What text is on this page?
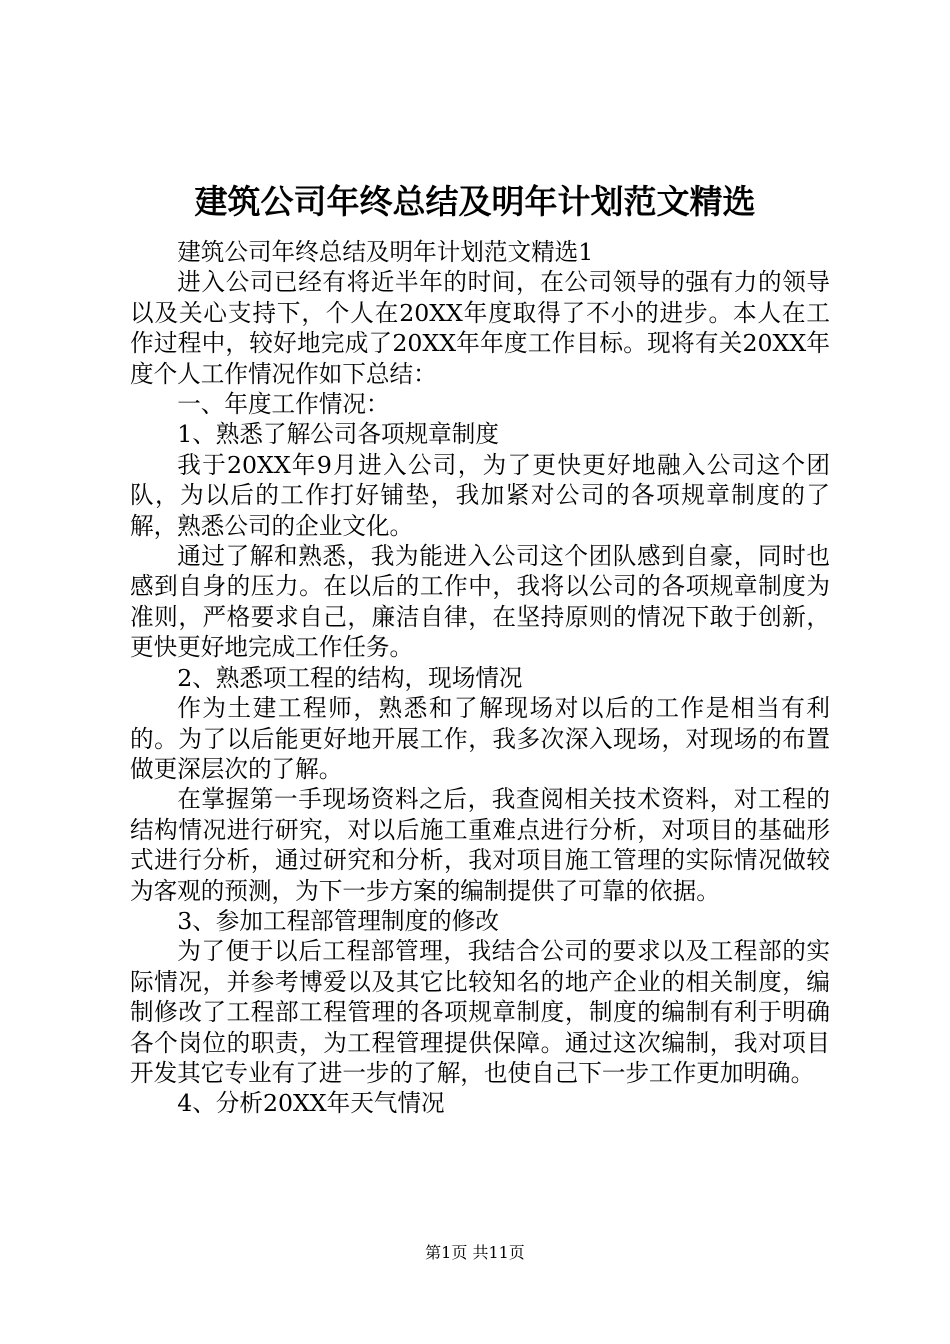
建筑公司年终总结及明年计划范文精选

建筑公司年终总结及明年计划范文精选1

进入公司已经有将近半年的时间，在公司领导的强有力的领导以及关心支持下，个人在20XX年度取得了不小的进步。本人在工作过程中，较好地完成了20XX年年度工作目标。现将有关20XX年度个人工作情况作如下总结：

一、年度工作情况：

1、熟悉了解公司各项规章制度

我于20XX年9月进入公司，为了更快更好地融入公司这个团队，为以后的工作打好铺垫，我加紧对公司的各项规章制度的了解，熟悉公司的企业文化。

通过了解和熟悉，我为能进入公司这个团队感到自豪，同时也感到自身的压力。在以后的工作中，我将以公司的各项规章制度为准则，严格要求自己，廉洁自律，在坚持原则的情况下敢于创新，更快更好地完成工作任务。

2、熟悉项工程的结构，现场情况

作为土建工程师，熟悉和了解现场对以后的工作是相当有利的。为了以后能更好地开展工作，我多次深入现场，对现场的布置做更深层次的了解。

在掌握第一手现场资料之后，我查阅相关技术资料，对工程的结构情况进行研究，对以后施工重难点进行分析，对项目的基础形式进行分析，通过研究和分析，我对项目施工管理的实际情况做较为客观的预测，为下一步方案的编制提供了可靠的依据。

3、参加工程部管理制度的修改

为了便于以后工程部管理，我结合公司的要求以及工程部的实际情况，并参考博爱以及其它比较知名的地产企业的相关制度，编制修改了工程部工程管理的各项规章制度，制度的编制有利于明确各个岗位的职责，为工程管理提供保障。通过这次编制，我对项目开发其它专业有了进一步的了解，也使自己下一步工作更加明确。

4、分析20XX年天气情况

第1页 共11页
